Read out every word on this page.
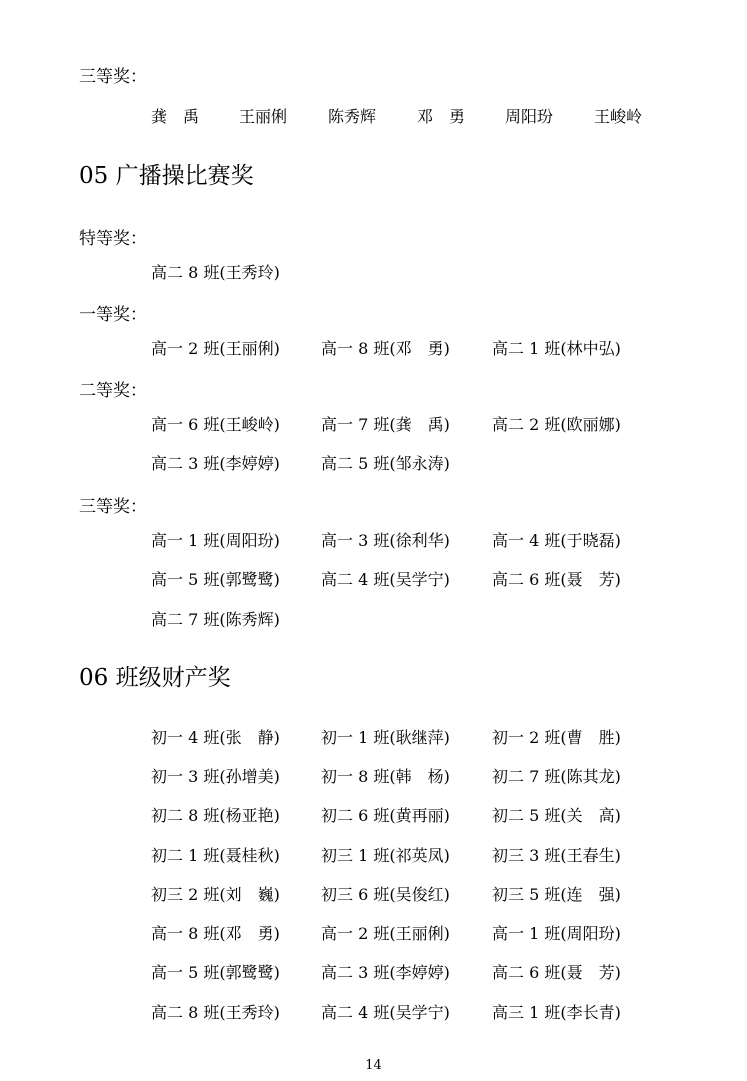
三等奖：
龚　禹 王丽俐	陈秀辉	邓　勇 周阳玢	王峻岭
05 广播操比赛奖
特等奖：
高二 8 班(王秀玲)
一等奖：
高一 2 班(王丽俐)	高一 8 班(邓　勇)	高二 1 班(林中弘)
二等奖：
高一 6 班(王峻岭)	高一 7 班(龚　禹)	高二 2 班(欧丽娜)
高二 3 班(李婷婷)	高二 5 班(邹永涛)
三等奖：
高一 1 班(周阳玢)	高一 3 班(徐利华)	高一 4 班(于晓磊)
高一 5 班(郭鹭鹭)	高二 4 班(吴学宁)	高二 6 班(聂　芳)
高二 7 班(陈秀辉)
06 班级财产奖
初一 4 班(张　静)	初一 1 班(耿继萍)	初一 2 班(曹　胜)
初一 3 班(孙增美)	初一 8 班(韩　杨)	初二 7 班(陈其龙)
初二 8 班(杨亚艳)	初二 6 班(黄再丽)	初二 5 班(关　高)
初二 1 班(聂桂秋)	初三 1 班(祁英凤)	初三 3 班(王春生)
初三 2 班(刘　巍)	初三 6 班(吴俊红)	初三 5 班(连　强)
高一 8 班(邓　勇)	高一 2 班(王丽俐)	高一 1 班(周阳玢)
高一 5 班(郭鹭鹭)	高二 3 班(李婷婷)	高二 6 班(聂　芳)
高二 8 班(王秀玲)	高二 4 班(吴学宁)	高三 1 班(李长青)
14
